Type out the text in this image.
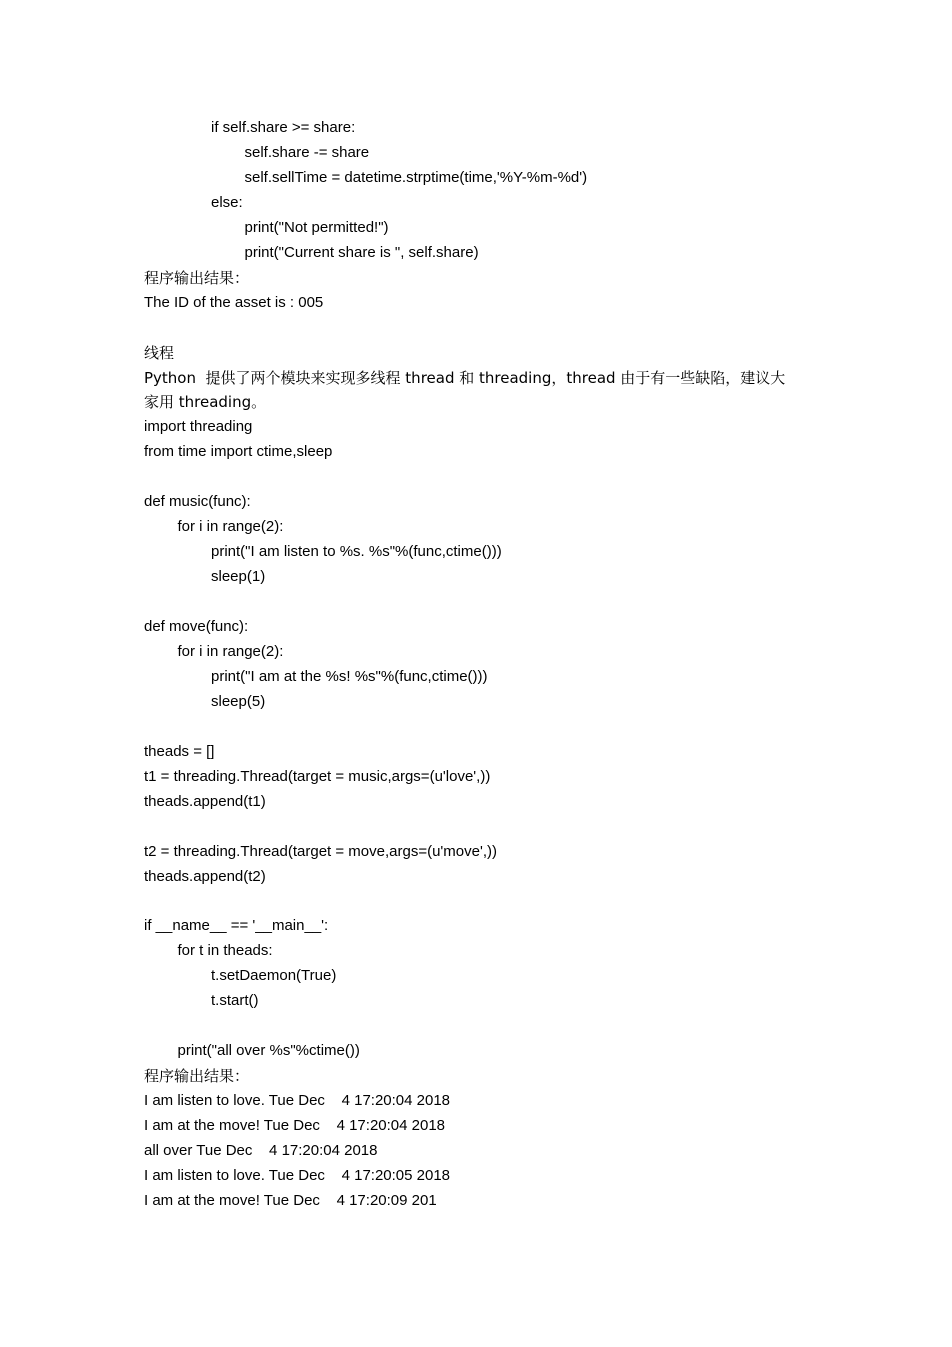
if self.share >= share:
self.share -= share
self.sellTime = datetime.strptime(time,'%Y-%m-%d')
else:
print("Not permitted!")
print("Current share is ", self.share)
程序输出结果：
The ID of the asset is : 005
线程
Python  提供了两个模块来实现多线程 thread 和 threading，thread 由于有一些缺陷，建议大
家用 threading。
import threading
from time import ctime,sleep
def music(func):
for i in range(2):
print("I am listen to %s. %s"%(func,ctime()))
sleep(1)
def move(func):
for i in range(2):
print("I am at the %s! %s"%(func,ctime()))
sleep(5)
theads = []
t1 = threading.Thread(target = music,args=(u'love',))
theads.append(t1)
t2 = threading.Thread(target = move,args=(u'move',))
theads.append(t2)
if __name__ == '__main__':
for t in theads:
t.setDaemon(True)
t.start()
print("all over %s"%ctime())
程序输出结果：
I am listen to love. Tue Dec    4 17:20:04 2018
I am at the move! Tue Dec    4 17:20:04 2018
all over Tue Dec    4 17:20:04 2018
I am listen to love. Tue Dec    4 17:20:05 2018
I am at the move! Tue Dec    4 17:20:09 201
